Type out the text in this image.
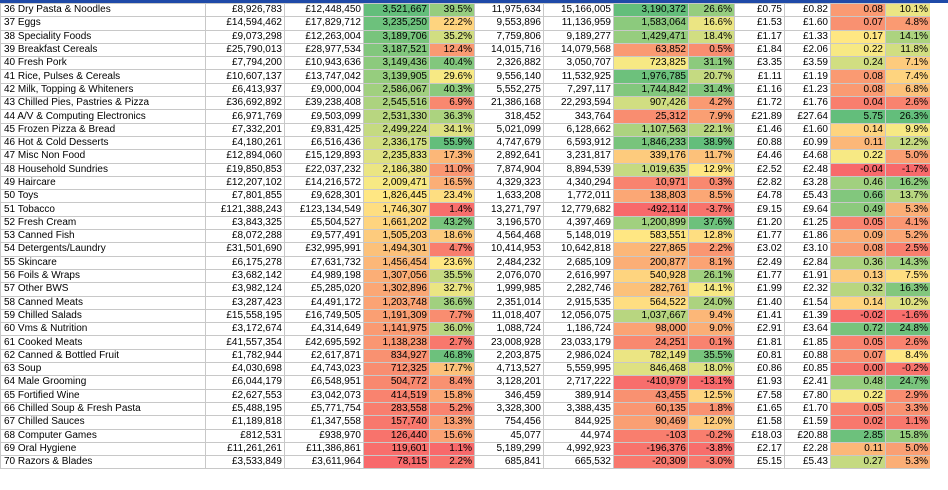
36 Dry Pasta & Noodles	£8,926,783	£12,448,450	3,521,667	39.5%	11,975,634	15,166,005	3,190,372	26.6%	£0.75	£0.82	0.08	10.1%
37 Eggs	£14,594,462	£17,829,712	3,235,250	22.2%	9,553,896	11,136,959	1,583,064	16.6%	£1.53	£1.60	0.07	4.8%
38 Speciality Foods	£9,073,298	£12,263,004	3,189,706	35.2%	7,759,806	9,189,277	1,429,471	18.4%	£1.17	£1.33	0.17	14.1%
39 Breakfast Cereals	£25,790,013	£28,977,534	3,187,521	12.4%	14,015,716	14,079,568	63,852	0.5%	£1.84	£2.06	0.22	11.8%
40 Fresh Pork	£7,794,200	£10,943,636	3,149,436	40.4%	2,326,882	3,050,707	723,825	31.1%	£3.35	£3.59	0.24	7.1%
41 Rice, Pulses & Cereals	£10,607,137	£13,747,042	3,139,905	29.6%	9,556,140	11,532,925	1,976,785	20.7%	£1.11	£1.19	0.08	7.4%
42 Milk, Topping & Whiteners	£6,413,937	£9,000,004	2,586,067	40.3%	5,552,275	7,297,117	1,744,842	31.4%	£1.16	£1.23	0.08	6.8%
43 Chilled Pies, Pastries & Pizza	£36,692,892	£39,238,408	2,545,516	6.9%	21,386,168	22,293,594	907,426	4.2%	£1.72	£1.76	0.04	2.6%
44 A/V & Computing Electronics	£6,971,769	£9,503,099	2,531,330	36.3%	318,452	343,764	25,312	7.9%	£21.89	£27.64	5.75	26.3%
45 Frozen Pizza & Bread	£7,332,201	£9,831,425	2,499,224	34.1%	5,021,099	6,128,662	1,107,563	22.1%	£1.46	£1.60	0.14	9.9%
46 Hot & Cold Desserts	£4,180,261	£6,516,436	2,336,175	55.9%	4,747,679	6,593,912	1,846,233	38.9%	£0.88	£0.99	0.11	12.2%
47 Misc Non Food	£12,894,060	£15,129,893	2,235,833	17.3%	2,892,641	3,231,817	339,176	11.7%	£4.46	£4.68	0.22	5.0%
48 Household Sundries	£19,850,853	£22,037,232	2,186,380	11.0%	7,874,904	8,894,539	1,019,635	12.9%	£2.52	£2.48	-0.04	-1.7%
49 Haircare	£12,207,102	£14,216,572	2,009,471	16.5%	4,329,323	4,340,294	10,971	0.3%	£2.82	£3.28	0.46	16.2%
50 Toys	£7,801,855	£9,628,301	1,826,445	23.4%	1,633,208	1,772,011	138,803	8.5%	£4.78	£5.43	0.66	13.7%
51 Tobacco	£121,388,243	£123,134,549	1,746,307	1.4%	13,271,797	12,779,682	-492,114	-3.7%	£9.15	£9.64	0.49	5.3%
52 Fresh Cream	£3,843,325	£5,504,527	1,661,202	43.2%	3,196,570	4,397,469	1,200,899	37.6%	£1.20	£1.25	0.05	4.1%
53 Canned Fish	£8,072,288	£9,577,491	1,505,203	18.6%	4,564,468	5,148,019	583,551	12.8%	£1.77	£1.86	0.09	5.2%
54 Detergents/Laundry	£31,501,690	£32,995,991	1,494,301	4.7%	10,414,953	10,642,818	227,865	2.2%	£3.02	£3.10	0.08	2.5%
55 Skincare	£6,175,278	£7,631,732	1,456,454	23.6%	2,484,232	2,685,109	200,877	8.1%	£2.49	£2.84	0.36	14.3%
56 Foils & Wraps	£3,682,142	£4,989,198	1,307,056	35.5%	2,076,070	2,616,997	540,928	26.1%	£1.77	£1.91	0.13	7.5%
57 Other BWS	£3,982,124	£5,285,020	1,302,896	32.7%	1,999,985	2,282,746	282,761	14.1%	£1.99	£2.32	0.32	16.3%
58 Canned Meats	£3,287,423	£4,491,172	1,203,748	36.6%	2,351,014	2,915,535	564,522	24.0%	£1.40	£1.54	0.14	10.2%
59 Chilled Salads	£15,558,195	£16,749,505	1,191,309	7.7%	11,018,407	12,056,075	1,037,667	9.4%	£1.41	£1.39	-0.02	-1.6%
60 Vms & Nutrition	£3,172,674	£4,314,649	1,141,975	36.0%	1,088,724	1,186,724	98,000	9.0%	£2.91	£3.64	0.72	24.8%
61 Cooked Meats	£41,557,354	£42,695,592	1,138,238	2.7%	23,008,928	23,033,179	24,251	0.1%	£1.81	£1.85	0.05	2.6%
62 Canned & Bottled Fruit	£1,782,944	£2,617,871	834,927	46.8%	2,203,875	2,986,024	782,149	35.5%	£0.81	£0.88	0.07	8.4%
63 Soup	£4,030,698	£4,743,023	712,325	17.7%	4,713,527	5,559,995	846,468	18.0%	£0.86	£0.85	0.00	-0.2%
64 Male Grooming	£6,044,179	£6,548,951	504,772	8.4%	3,128,201	2,717,222	-410,979	-13.1%	£1.93	£2.41	0.48	24.7%
65 Fortified Wine	£2,627,553	£3,042,073	414,519	15.8%	346,459	389,914	43,455	12.5%	£7.58	£7.80	0.22	2.9%
66 Chilled Soup & Fresh Pasta	£5,488,195	£5,771,754	283,558	5.2%	3,328,300	3,388,435	60,135	1.8%	£1.65	£1.70	0.05	3.3%
67 Chilled Sauces	£1,189,818	£1,347,558	157,740	13.3%	754,456	844,925	90,469	12.0%	£1.58	£1.59	0.02	1.1%
68 Computer Games	£812,531	£938,970	126,440	15.6%	45,077	44,974	-103	-0.2%	£18.03	£20.88	2.85	15.8%
69 Oral Hygiene	£11,261,261	£11,386,861	119,601	1.1%	5,189,299	4,992,923	-196,376	-3.8%	£2.17	£2.28	0.11	5.0%
70 Razors & Blades	£3,533,849	£3,611,964	78,115	2.2%	685,841	665,532	-20,309	-3.0%	£5.15	£5.43	0.27	5.3%
